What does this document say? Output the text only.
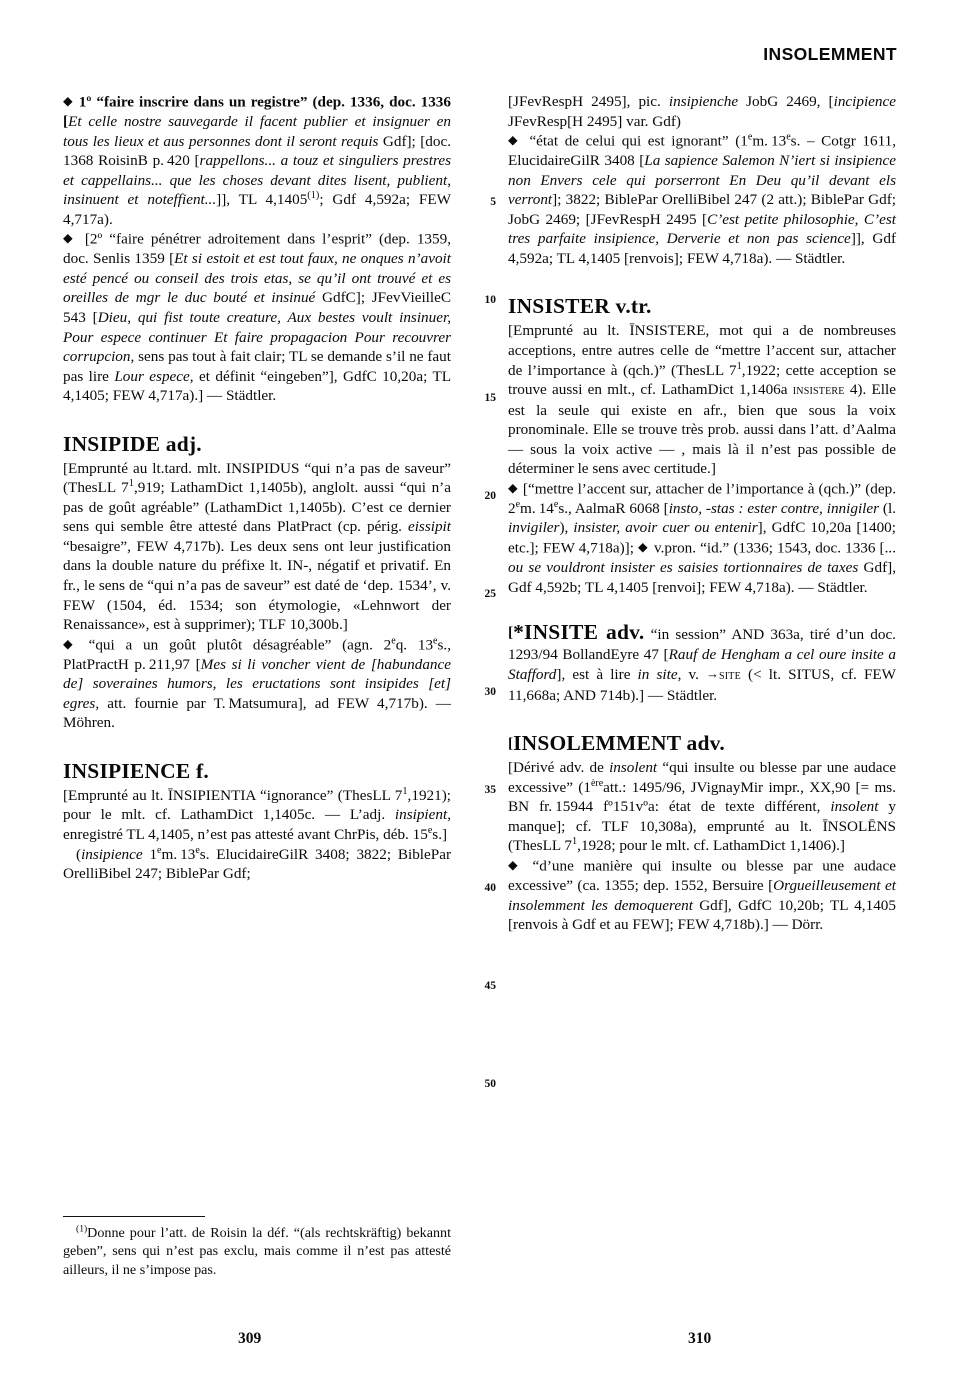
INSOLEMMENT

◆ 1º “faire inscrire dans un registre” (dep. 1336, doc. 1336 [Et celle nostre sauvegarde il facent publier et insignuer en tous les lieux et aus personnes dont il seront requis Gdf]; [doc. 1368 RoisinB p. 420 [rappellons... a touz et singuliers prestres et cappellains... que les choses devant dites lisent, publient, insinuent et noteffient...]], TL 4,1405$^{(1)}$; Gdf 4,592a; FEW 4,717a).

◆ [2º “faire pénétrer adroitement dans l’esprit” (dep. 1359, doc. Senlis 1359 [Et si estoit et est tout faux, ne onques n’avoit esté pencé ou conseil des trois etas, se qu’il ont trouvé et es oreilles de mgr le duc bouté et insinué GdfC]; JFevVieilleC 543 [Dieu, qui fist toute creature, Aux bestes voult insinuer, Pour espece continuer Et faire propagacion Pour recouvrer corrupcion, sens pas tout à fait clair; TL se demande s’il ne faut pas lire Lour espece, et définit “eingeben”], GdfC 10,20a; TL 4,1405; FEW 4,717a).] — Städtler.

INSIPIDE adj.

[Emprunté au lt.tard. mlt. INSIPIDUS “qui n’a pas de saveur” (ThesLL $7^1,919$; LathamDict 1,1405b), anglolt. aussi “qui n’a pas de goût agréable” (LathamDict 1,1405b). C’est ce dernier sens qui semble être attesté dans PlatPract (cp. périg. eissipit “besaigre”, FEW 4,717b). Les deux sens ont leur justification dans la double nature du préfixe lt. IN-, négatif et privatif. En fr., le sens de “qui n’a pas de saveur” est daté de ‘dep. 1534’, v. FEW (1504, éd. 1534; son étymologie, «Lehnwort der Renaissance», est à supprimer); TLF 10,300b.]

◆ “qui a un goût plutôt désagréable” (agn. 2eq. 13es., PlatPractH p. 211,97 [Mes si li voncher vient de [habundance de] soveraines humors, les eructations sont insipides [et] egres, att. fournie par T. Matsumura], ad FEW 4,717b). — Möhren.

INSIPIENCE f.

[Emprunté au lt. ĪNSIPIENTIA “ignorance” (ThesLL $7^1,1921$); pour le mlt. cf. LathamDict 1,1405c. — L’adj. insipient, enregistré TL 4,1405, n’est pas attesté avant ChrPis, déb. 15es.]

(insipience 1em. 13es. ElucidaireGilR 3408; 3822; BiblePar OrelliBibel 247; BiblePar Gdf;

$^{(1)}$Donne pour l’att. de Roisin la déf. “(als rechtskräftig) bekannt geben”, sens qui n’est pas exclu, mais comme il n’est pas attesté ailleurs, il ne s’impose pas.

[JFevRespH 2495], pic. insipienche JobG 2469, [incipience JFevResp[H 2495] var. Gdf)

◆ “état de celui qui est ignorant” (1em. 13es. – Cotgr 1611, ElucidaireGilR 3408 [La sapience Salemon N’iert si insipience non Envers cele qui porserront En Deu qu’il devant els verront]; 3822; BiblePar OrelliBibel 247 (2 att.); BiblePar Gdf; JobG 2469; [JFevRespH 2495 [C’est petite philosophie, C’est tres parfaite insipience, Derverie et non pas science]], Gdf 4,592a; TL 4,1405 [renvois]; FEW 4,718a). — Städtler.

INSISTER v.tr.

[Emprunté au lt. ĪNSISTERE, mot qui a de nombreuses acceptions, entre autres celle de “mettre l’accent sur, attacher de l’importance à (qch.)” (ThesLL $7^1,1922$; cette acception se trouve aussi en mlt., cf. LathamDict 1,1406a insistere 4). Elle est la seule qui existe en afr., bien que sous la voix pronominale. Elle se trouve très prob. aussi dans l’att. d’Aalma — sous la voix active — , mais là il n’est pas possible de déterminer le sens avec certitude.]

◆ [“mettre l’accent sur, attacher de l’importance à (qch.)” (dep. 2em. 14es., AalmaR 6068 [insto, -stas : ester contre, innigiler (l. invigiler), insister, avoir cuer ou entenir], GdfC 10,20a [1400; etc.]; FEW 4,718a)]; ◆ v.pron. “id.” (1336; 1543, doc. 1336 [... ou se vouldront insister es saisies tortionnaires de taxes Gdf], Gdf 4,592b; TL 4,1405 [renvoi]; FEW 4,718a). — Städtler.

[*INSITE adv. “in session” AND 363a, tiré d’un doc. 1293/94 BollandEyre 47 [Rauf de Hengham a cel oure insite a Stafford], est à lire in site, v. →site (< lt. SITUS, cf. FEW 11,668a; AND 714b).] — Städtler.

[INSOLEMMENT adv.

[Dérivé adv. de insolent “qui insulte ou blesse par une audace excessive” (1èreatt.: 1495/96, JVignayMir impr., XX,90 [= ms. BN fr. 15944 fº151vºa: état de texte différent, insolent y manque]; cf. TLF 10,308a), emprunté au lt. ĪNSOLĒNS (ThesLL $7^1,1928$; pour le mlt. cf. LathamDict 1,1406).]

◆ “d’une manière qui insulte ou blesse par une audace excessive” (ca. 1355; dep. 1552, Bersuire [Orgueilleusement et insolemment les demoquerent Gdf], GdfC 10,20b; TL 4,1405 [renvois à Gdf et au FEW]; FEW 4,718b).] — Dörr.

5
10
15
20
25
30
35
40
45
50
309	310
